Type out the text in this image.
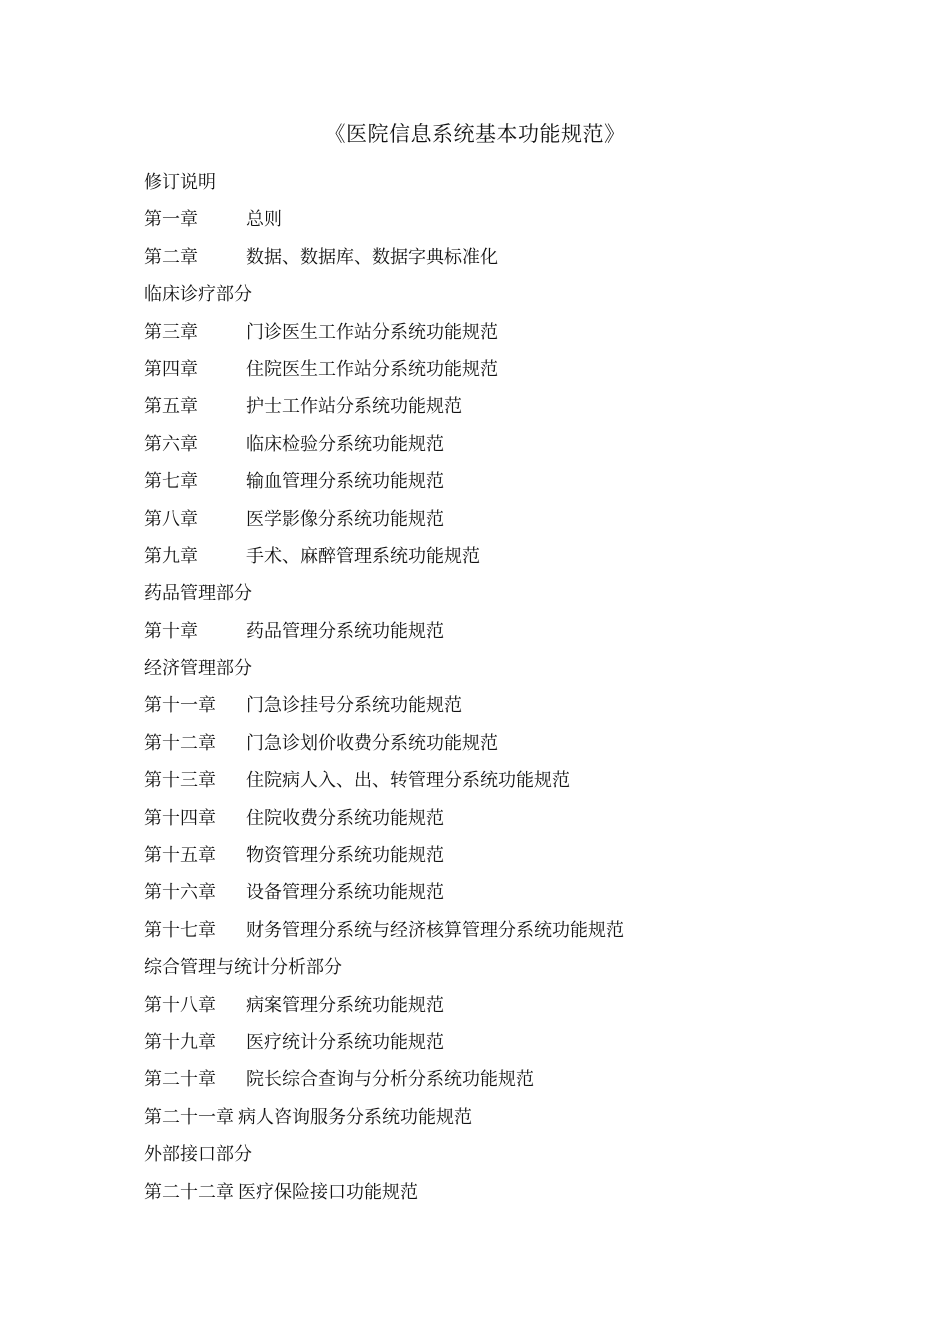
《医院信息系统基本功能规范》
修订说明
第一章	总则
第二章	数据、数据库、数据字典标准化
临床诊疗部分
第三章	门诊医生工作站分系统功能规范
第四章	住院医生工作站分系统功能规范
第五章	护士工作站分系统功能规范
第六章	临床检验分系统功能规范
第七章	输血管理分系统功能规范
第八章	医学影像分系统功能规范
第九章	手术、麻醉管理系统功能规范
药品管理部分
第十章	药品管理分系统功能规范
经济管理部分
第十一章	门急诊挂号分系统功能规范
第十二章	门急诊划价收费分系统功能规范
第十三章	住院病人入、出、转管理分系统功能规范
第十四章	住院收费分系统功能规范
第十五章	物资管理分系统功能规范
第十六章	设备管理分系统功能规范
第十七章	财务管理分系统与经济核算管理分系统功能规范
综合管理与统计分析部分
第十八章	病案管理分系统功能规范
第十九章	医疗统计分系统功能规范
第二十章	院长综合查询与分析分系统功能规范
第二十一章 病人咨询服务分系统功能规范
外部接口部分
第二十二章 医疗保险接口功能规范
